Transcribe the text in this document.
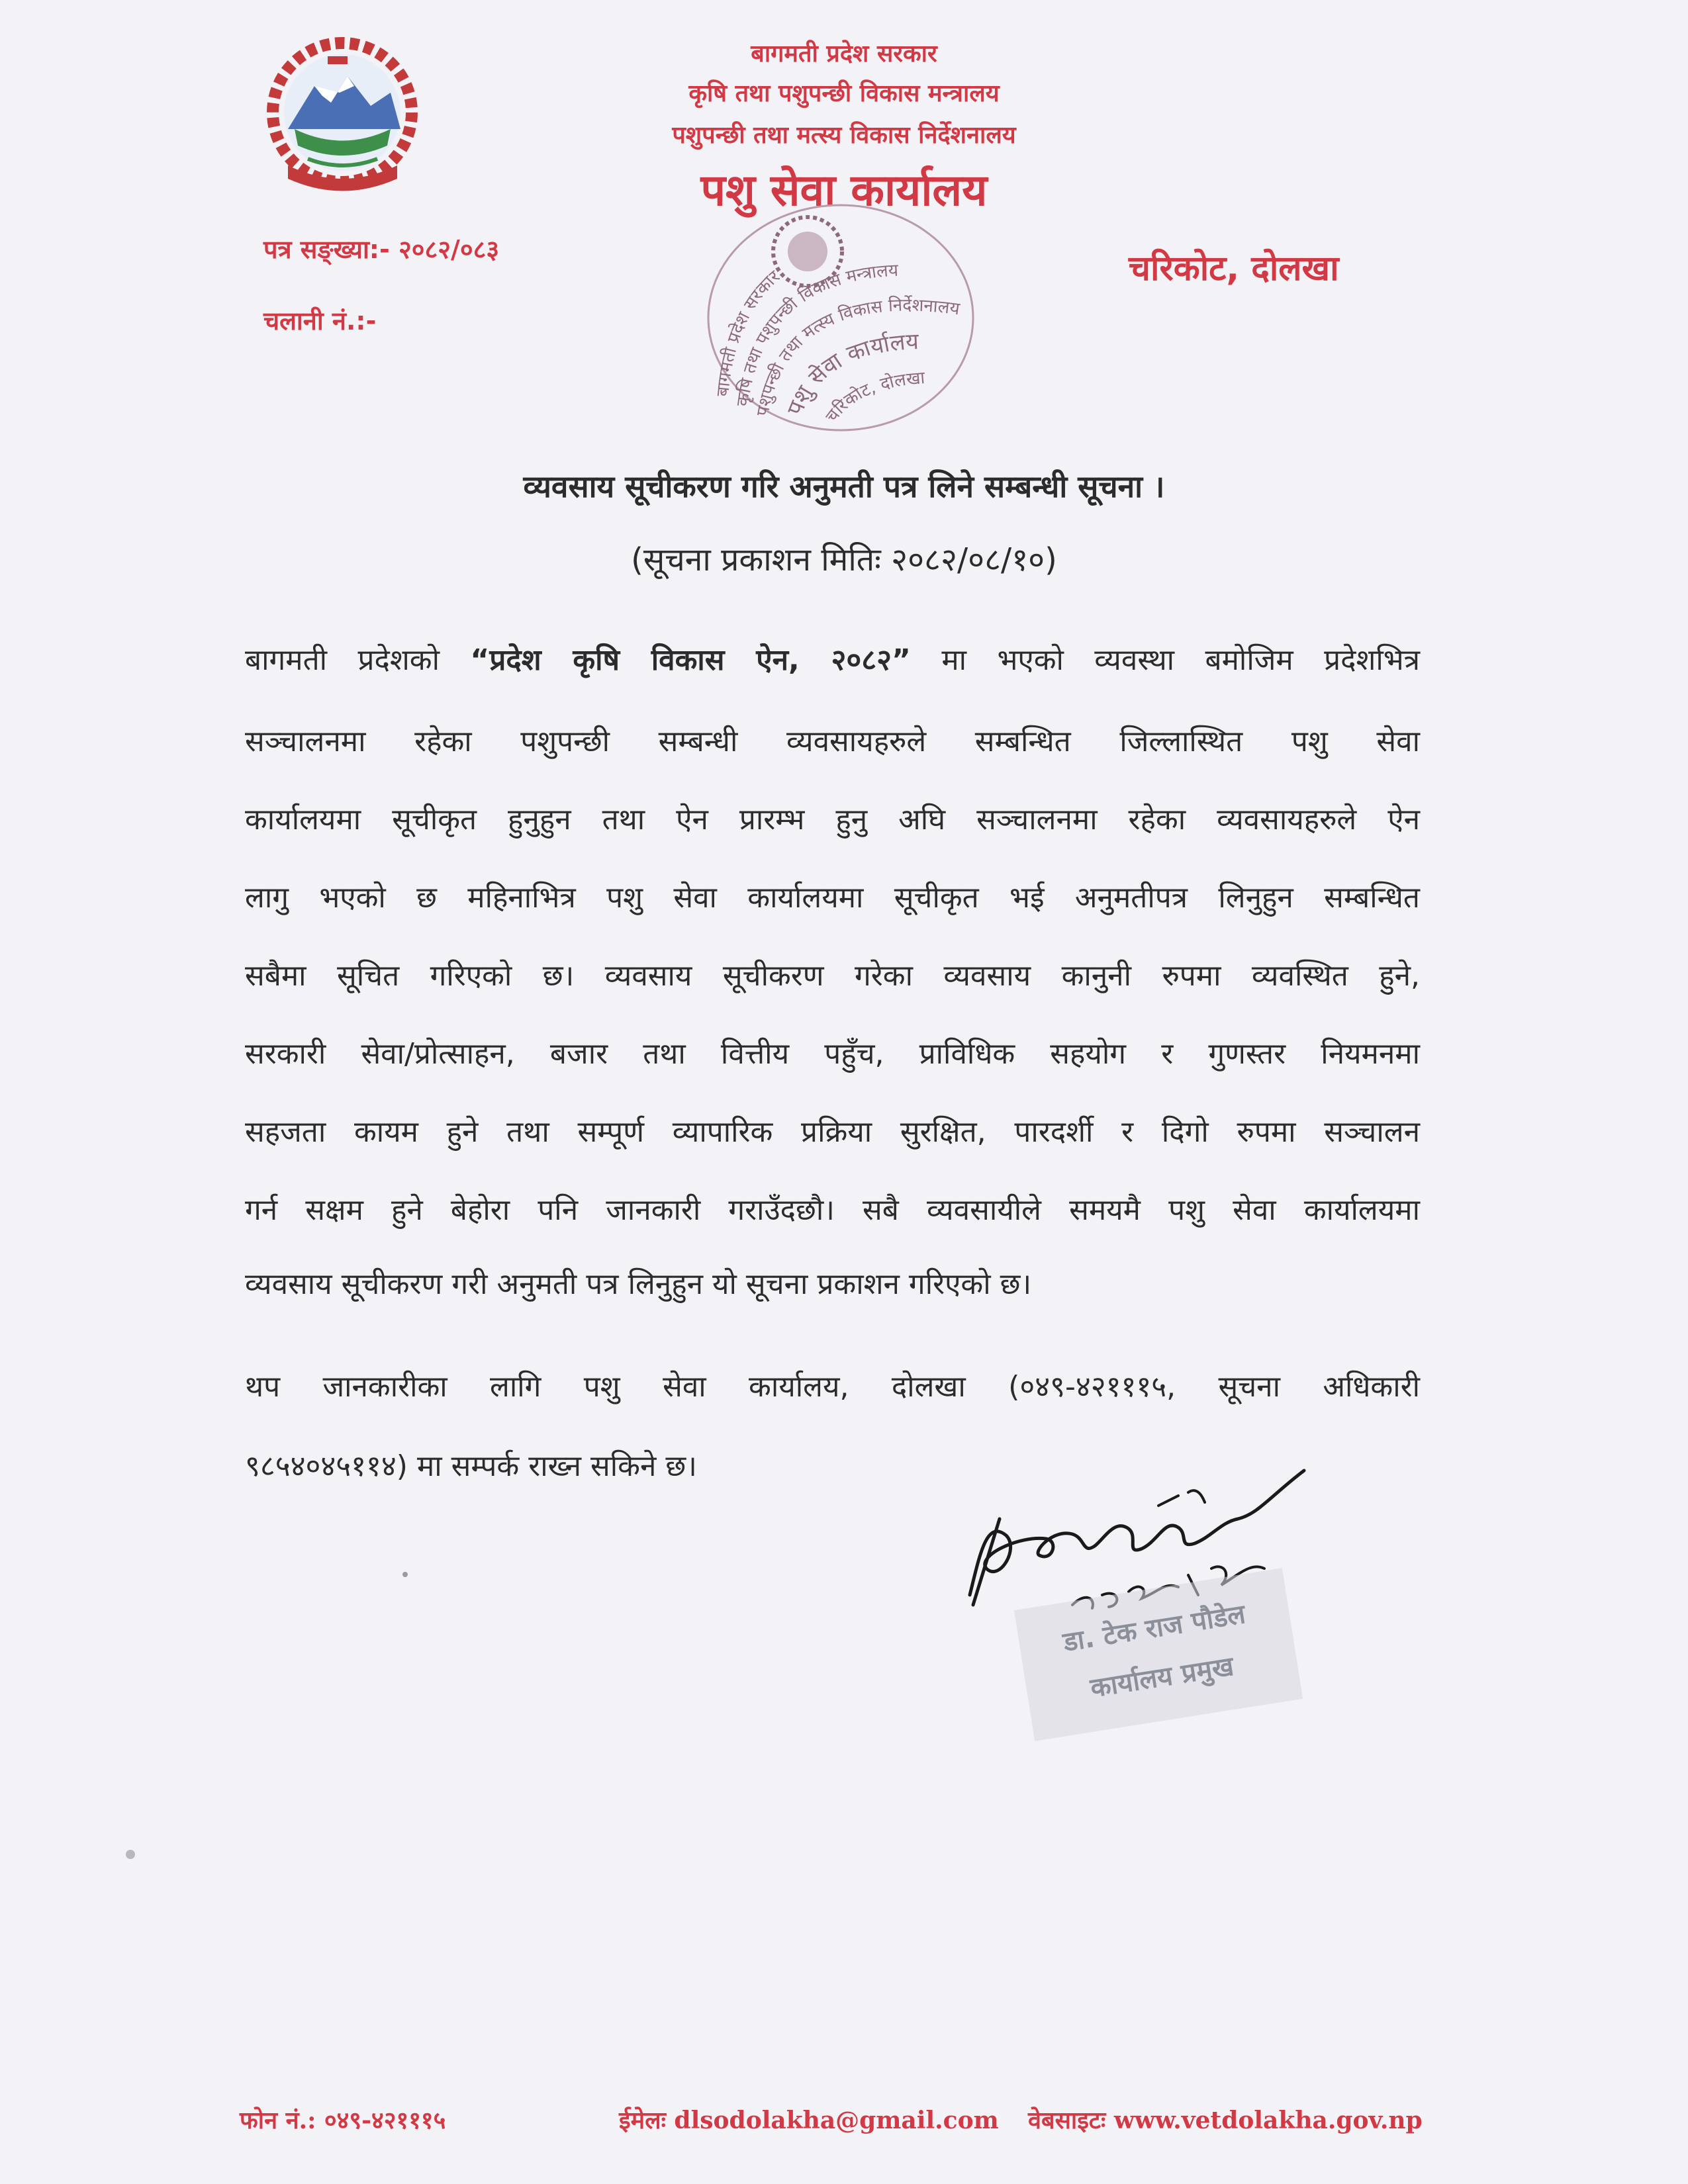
बागमती प्रदेश सरकार
कृषि तथा पशुपन्छी विकास मन्त्रालय
पशुपन्छी तथा मत्स्य विकास निर्देशनालय
पशु सेवा कार्यालय
पत्र सङ्ख्या:- २०८२/०८३
चलानी नं.:-
चरिकोट, दोलखा
बागमती प्रदेश सरकार
कृषि तथा पशुपन्छी विकास मन्त्रालय
पशुपन्छी तथा मत्स्य विकास निर्देशनालय
पशु सेवा कार्यालय
चरिकोट, दोलखा
व्यवसाय सूचीकरण गरि अनुमती पत्र लिने सम्बन्धी सूचना ।
(सूचना प्रकाशन मितिः २०८२/०८/१०)
बागमती प्रदेशको “प्रदेश कृषि विकास ऐन, २०८२” मा भएको व्यवस्था बमोजिम प्रदेशभित्र
सञ्चालनमा रहेका पशुपन्छी सम्बन्धी व्यवसायहरुले सम्बन्धित जिल्लास्थित पशु सेवा
कार्यालयमा सूचीकृत हुनुहुन तथा ऐन प्रारम्भ हुनु अघि सञ्चालनमा रहेका व्यवसायहरुले ऐन
लागु भएको छ महिनाभित्र पशु सेवा कार्यालयमा सूचीकृत भई अनुमतीपत्र लिनुहुन सम्बन्धित
सबैमा सूचित गरिएको छ। व्यवसाय सूचीकरण गरेका व्यवसाय कानुनी रुपमा व्यवस्थित हुने,
सरकारी सेवा/प्रोत्साहन, बजार तथा वित्तीय पहुँच, प्राविधिक सहयोग र गुणस्तर नियमनमा
सहजता कायम हुने तथा सम्पूर्ण व्यापारिक प्रक्रिया सुरक्षित, पारदर्शी र दिगो रुपमा सञ्चालन
गर्न सक्षम हुने बेहोरा पनि जानकारी गराउँदछौ। सबै व्यवसायीले समयमै पशु सेवा कार्यालयमा
व्यवसाय सूचीकरण गरी अनुमती पत्र लिनुहुन यो सूचना प्रकाशन गरिएको छ।
थप जानकारीका लागि पशु सेवा कार्यालय, दोलखा (०४९-४२१११५, सूचना अधिकारी
९८५४०४५११४) मा सम्पर्क राख्न सकिने छ।
डा. टेक राज पौडेल
कार्यालय प्रमुख
फोन नं.: ०४९-४२१११५	ईमेलः dlsodolakha@gmail.com वेबसाइटः www.vetdolakha.gov.np
